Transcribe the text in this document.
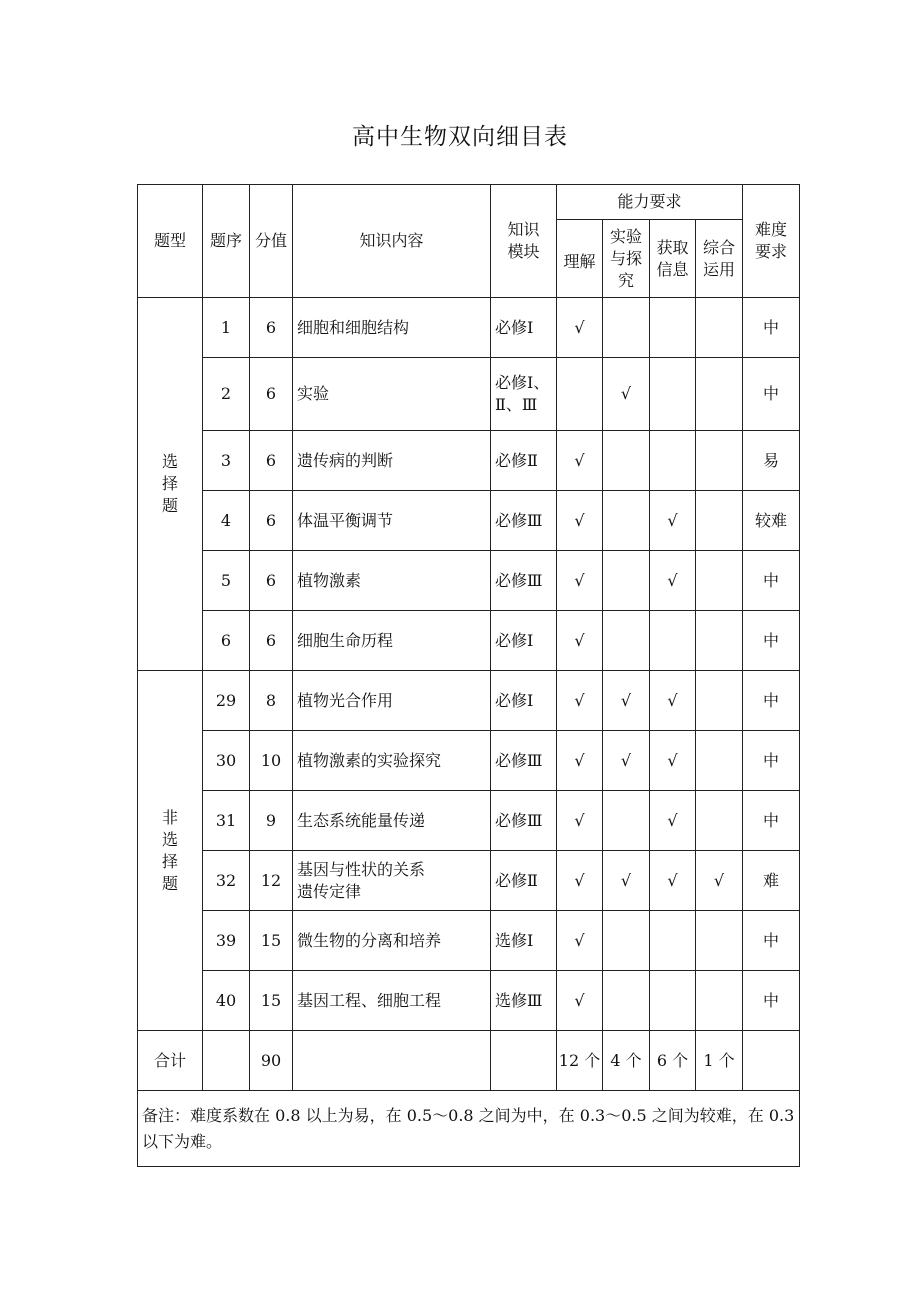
高中生物双向细目表
题型	题序	分值	知识内容	知识模块	能力要求				难度要求
					理解	实验与探究	获取信息	综合运用	
选择题	1	6	细胞和细胞结构	必修Ⅰ	√				中
	2	6	实验	必修Ⅰ、Ⅱ、Ⅲ		√			中
	3	6	遗传病的判断	必修Ⅱ	√				易
	4	6	体温平衡调节	必修Ⅲ	√		√		较难
	5	6	植物激素	必修Ⅲ	√		√		中
	6	6	细胞生命历程	必修Ⅰ	√				中
非选择题	29	8	植物光合作用	必修Ⅰ	√	√	√		中
	30	10	植物激素的实验探究	必修Ⅲ	√	√	√		中
	31	9	生态系统能量传递	必修Ⅲ	√		√		中
	32	12	基因与性状的关系
遗传定律	必修Ⅱ	√	√	√	√	难
	39	15	微生物的分离和培养	选修Ⅰ	√				中
	40	15	基因工程、细胞工程	选修Ⅲ	√				中
合计		90			12 个	4 个	6 个	1 个	
备注：难度系数在 0.8 以上为易，在 0.5～0.8 之间为中，在 0.3～0.5 之间为较难，在 0.3 以下为难。									
